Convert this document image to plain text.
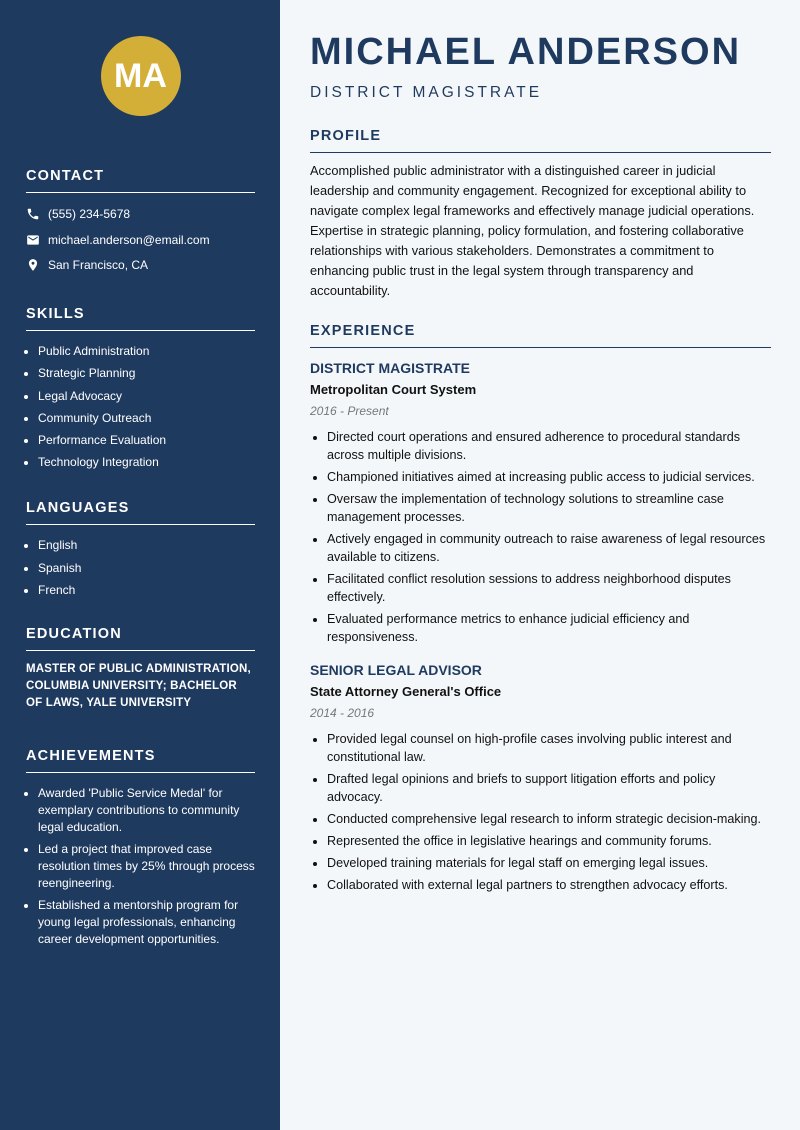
MA
CONTACT
(555) 234-5678
michael.anderson@email.com
San Francisco, CA
SKILLS
• Public Administration
• Strategic Planning
• Legal Advocacy
• Community Outreach
• Performance Evaluation
• Technology Integration
LANGUAGES
• English
• Spanish
• French
EDUCATION

MASTER OF PUBLIC ADMINISTRATION, COLUMBIA UNIVERSITY; BACHELOR OF LAWS, YALE UNIVERSITY

ACHIEVEMENTS
• Awarded 'Public Service Medal' for exemplary contributions to community legal education.
• Led a project that improved case resolution times by 25% through process reengineering.
• Established a mentorship program for young legal professionals, enhancing career development opportunities.
MICHAEL ANDERSON

DISTRICT MAGISTRATE

PROFILE

Accomplished public administrator with a distinguished career in judicial leadership and community engagement. Recognized for exceptional ability to navigate complex legal frameworks and effectively manage judicial operations. Expertise in strategic planning, policy formulation, and fostering collaborative relationships with various stakeholders. Demonstrates a commitment to enhancing public trust in the legal system through transparency and accountability.

EXPERIENCE

DISTRICT MAGISTRATE

Metropolitan Court System

2016 - Present

• Directed court operations and ensured adherence to procedural standards across multiple divisions.
• Championed initiatives aimed at increasing public access to judicial services.
• Oversaw the implementation of technology solutions to streamline case management processes.
• Actively engaged in community outreach to raise awareness of legal resources available to citizens.
• Facilitated conflict resolution sessions to address neighborhood disputes effectively.
• Evaluated performance metrics to enhance judicial efficiency and responsiveness.

SENIOR LEGAL ADVISOR

State Attorney General's Office

2014 - 2016

• Provided legal counsel on high-profile cases involving public interest and constitutional law.
• Drafted legal opinions and briefs to support litigation efforts and policy advocacy.
• Conducted comprehensive legal research to inform strategic decision-making.
• Represented the office in legislative hearings and community forums.
• Developed training materials for legal staff on emerging legal issues.
• Collaborated with external legal partners to strengthen advocacy efforts.
